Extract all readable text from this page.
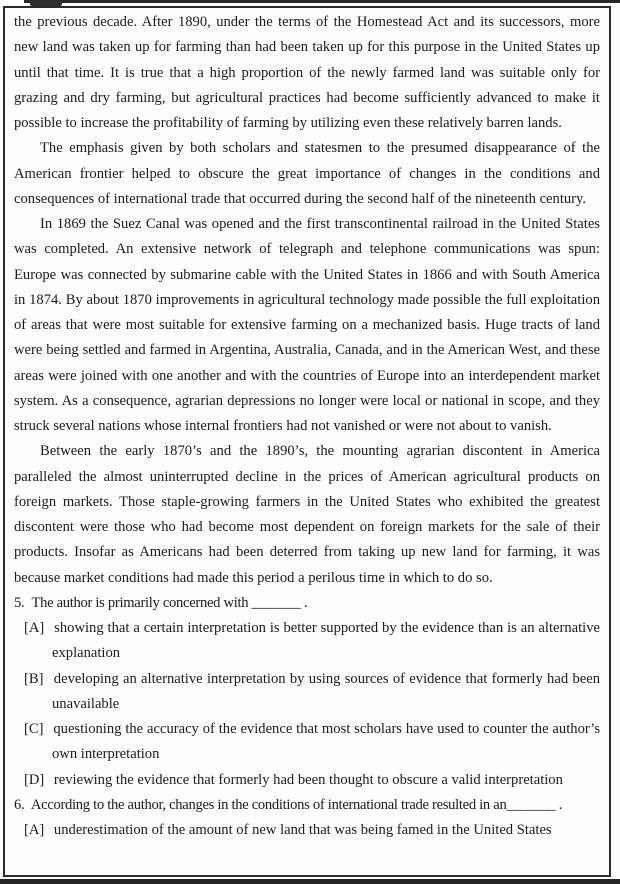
the previous decade. After 1890, under the terms of the Homestead Act and its successors, more new land was taken up for farming than had been taken up for this purpose in the United States up until that time. It is true that a high proportion of the newly farmed land was suitable only for grazing and dry farming, but agricultural practices had become sufficiently advanced to make it possible to increase the profitability of farming by utilizing even these relatively barren lands.

The emphasis given by both scholars and statesmen to the presumed disappearance of the American frontier helped to obscure the great importance of changes in the conditions and consequences of international trade that occurred during the second half of the nineteenth century.

In 1869 the Suez Canal was opened and the first transcontinental railroad in the United States was completed. An extensive network of telegraph and telephone communications was spun: Europe was connected by submarine cable with the United States in 1866 and with South America in 1874. By about 1870 improvements in agricultural technology made possible the full exploitation of areas that were most suitable for extensive farming on a mechanized basis. Huge tracts of land were being settled and farmed in Argentina, Australia, Canada, and in the American West, and these areas were joined with one another and with the countries of Europe into an interdependent market system. As a consequence, agrarian depressions no longer were local or national in scope, and they struck several nations whose internal frontiers had not vanished or were not about to vanish.

Between the early 1870’s and the 1890’s, the mounting agrarian discontent in America paralleled the almost uninterrupted decline in the prices of American agricultural products on foreign markets. Those staple-growing farmers in the United States who exhibited the greatest discontent were those who had become most dependent on foreign markets for the sale of their products. Insofar as Americans had been deterred from taking up new land for farming, it was because market conditions had made this period a perilous time in which to do so.

5. The author is primarily concerned with _______ .

[A] showing that a certain interpretation is better supported by the evidence than is an alternative explanation

[B] developing an alternative interpretation by using sources of evidence that formerly had been unavailable

[C] questioning the accuracy of the evidence that most scholars have used to counter the author’s own interpretation

[D] reviewing the evidence that formerly had been thought to obscure a valid interpretation

6. According to the author, changes in the conditions of international trade resulted in an_______ .

[A] underestimation of the amount of new land that was being famed in the United States
